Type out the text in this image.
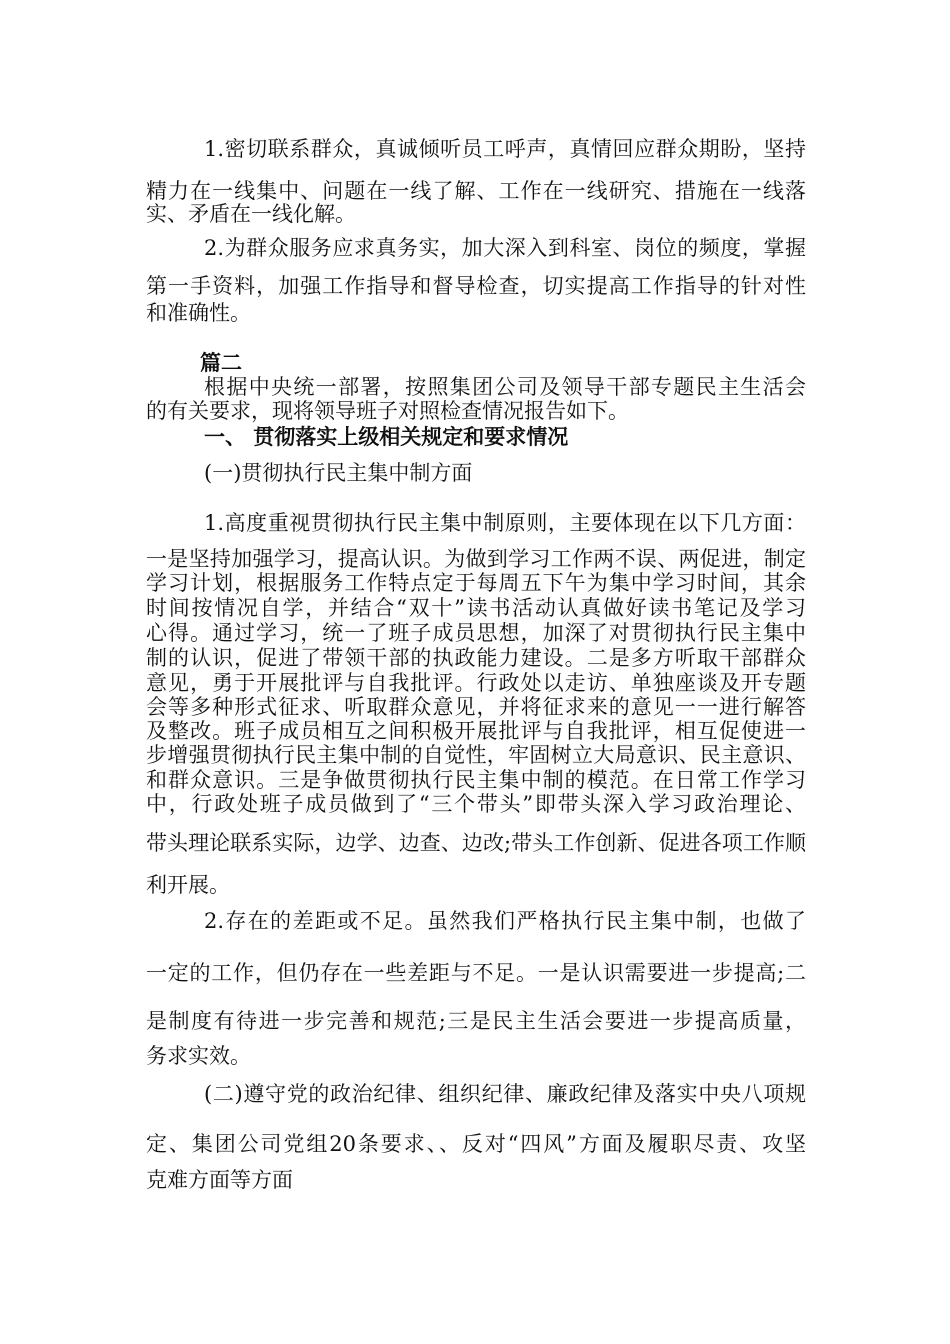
1.密切联系群众，真诚倾听员工呼声，真情回应群众期盼，坚持
精力在一线集中、问题在一线了解、工作在一线研究、措施在一线落
实、矛盾在一线化解。
2.为群众服务应求真务实，加大深入到科室、岗位的频度，掌握
第一手资料，加强工作指导和督导检查，切实提高工作指导的针对性
和准确性。
篇二
根据中央统一部署，按照集团公司及领导干部专题民主生活会
的有关要求，现将领导班子对照检查情况报告如下。
一、 贯彻落实上级相关规定和要求情况
(一)贯彻执行民主集中制方面
1.高度重视贯彻执行民主集中制原则，主要体现在以下几方面：
一是坚持加强学习，提高认识。为做到学习工作两不误、两促进，制定
学习计划，根据服务工作特点定于每周五下午为集中学习时间，其余
时间按情况自学，并结合“双十”读书活动认真做好读书笔记及学习
心得。通过学习，统一了班子成员思想，加深了对贯彻执行民主集中
制的认识，促进了带领干部的执政能力建设。二是多方听取干部群众
意见，勇于开展批评与自我批评。行政处以走访、单独座谈及开专题
会等多种形式征求、听取群众意见，并将征求来的意见一一进行解答
及整改。班子成员相互之间积极开展批评与自我批评，相互促使进一
步增强贯彻执行民主集中制的自觉性，牢固树立大局意识、民主意识、
和群众意识。三是争做贯彻执行民主集中制的模范。在日常工作学习
中，行政处班子成员做到了“三个带头”即带头深入学习政治理论、
带头理论联系实际，边学、边查、边改;带头工作创新、促进各项工作顺
利开展。
2.存在的差距或不足。虽然我们严格执行民主集中制，也做了
一定的工作，但仍存在一些差距与不足。一是认识需要进一步提高;二
是制度有待进一步完善和规范;三是民主生活会要进一步提高质量，
务求实效。
(二)遵守党的政治纪律、组织纪律、廉政纪律及落实中央八项规
定、集团公司党组20条要求、、反对“四风”方面及履职尽责、攻坚
克难方面等方面
